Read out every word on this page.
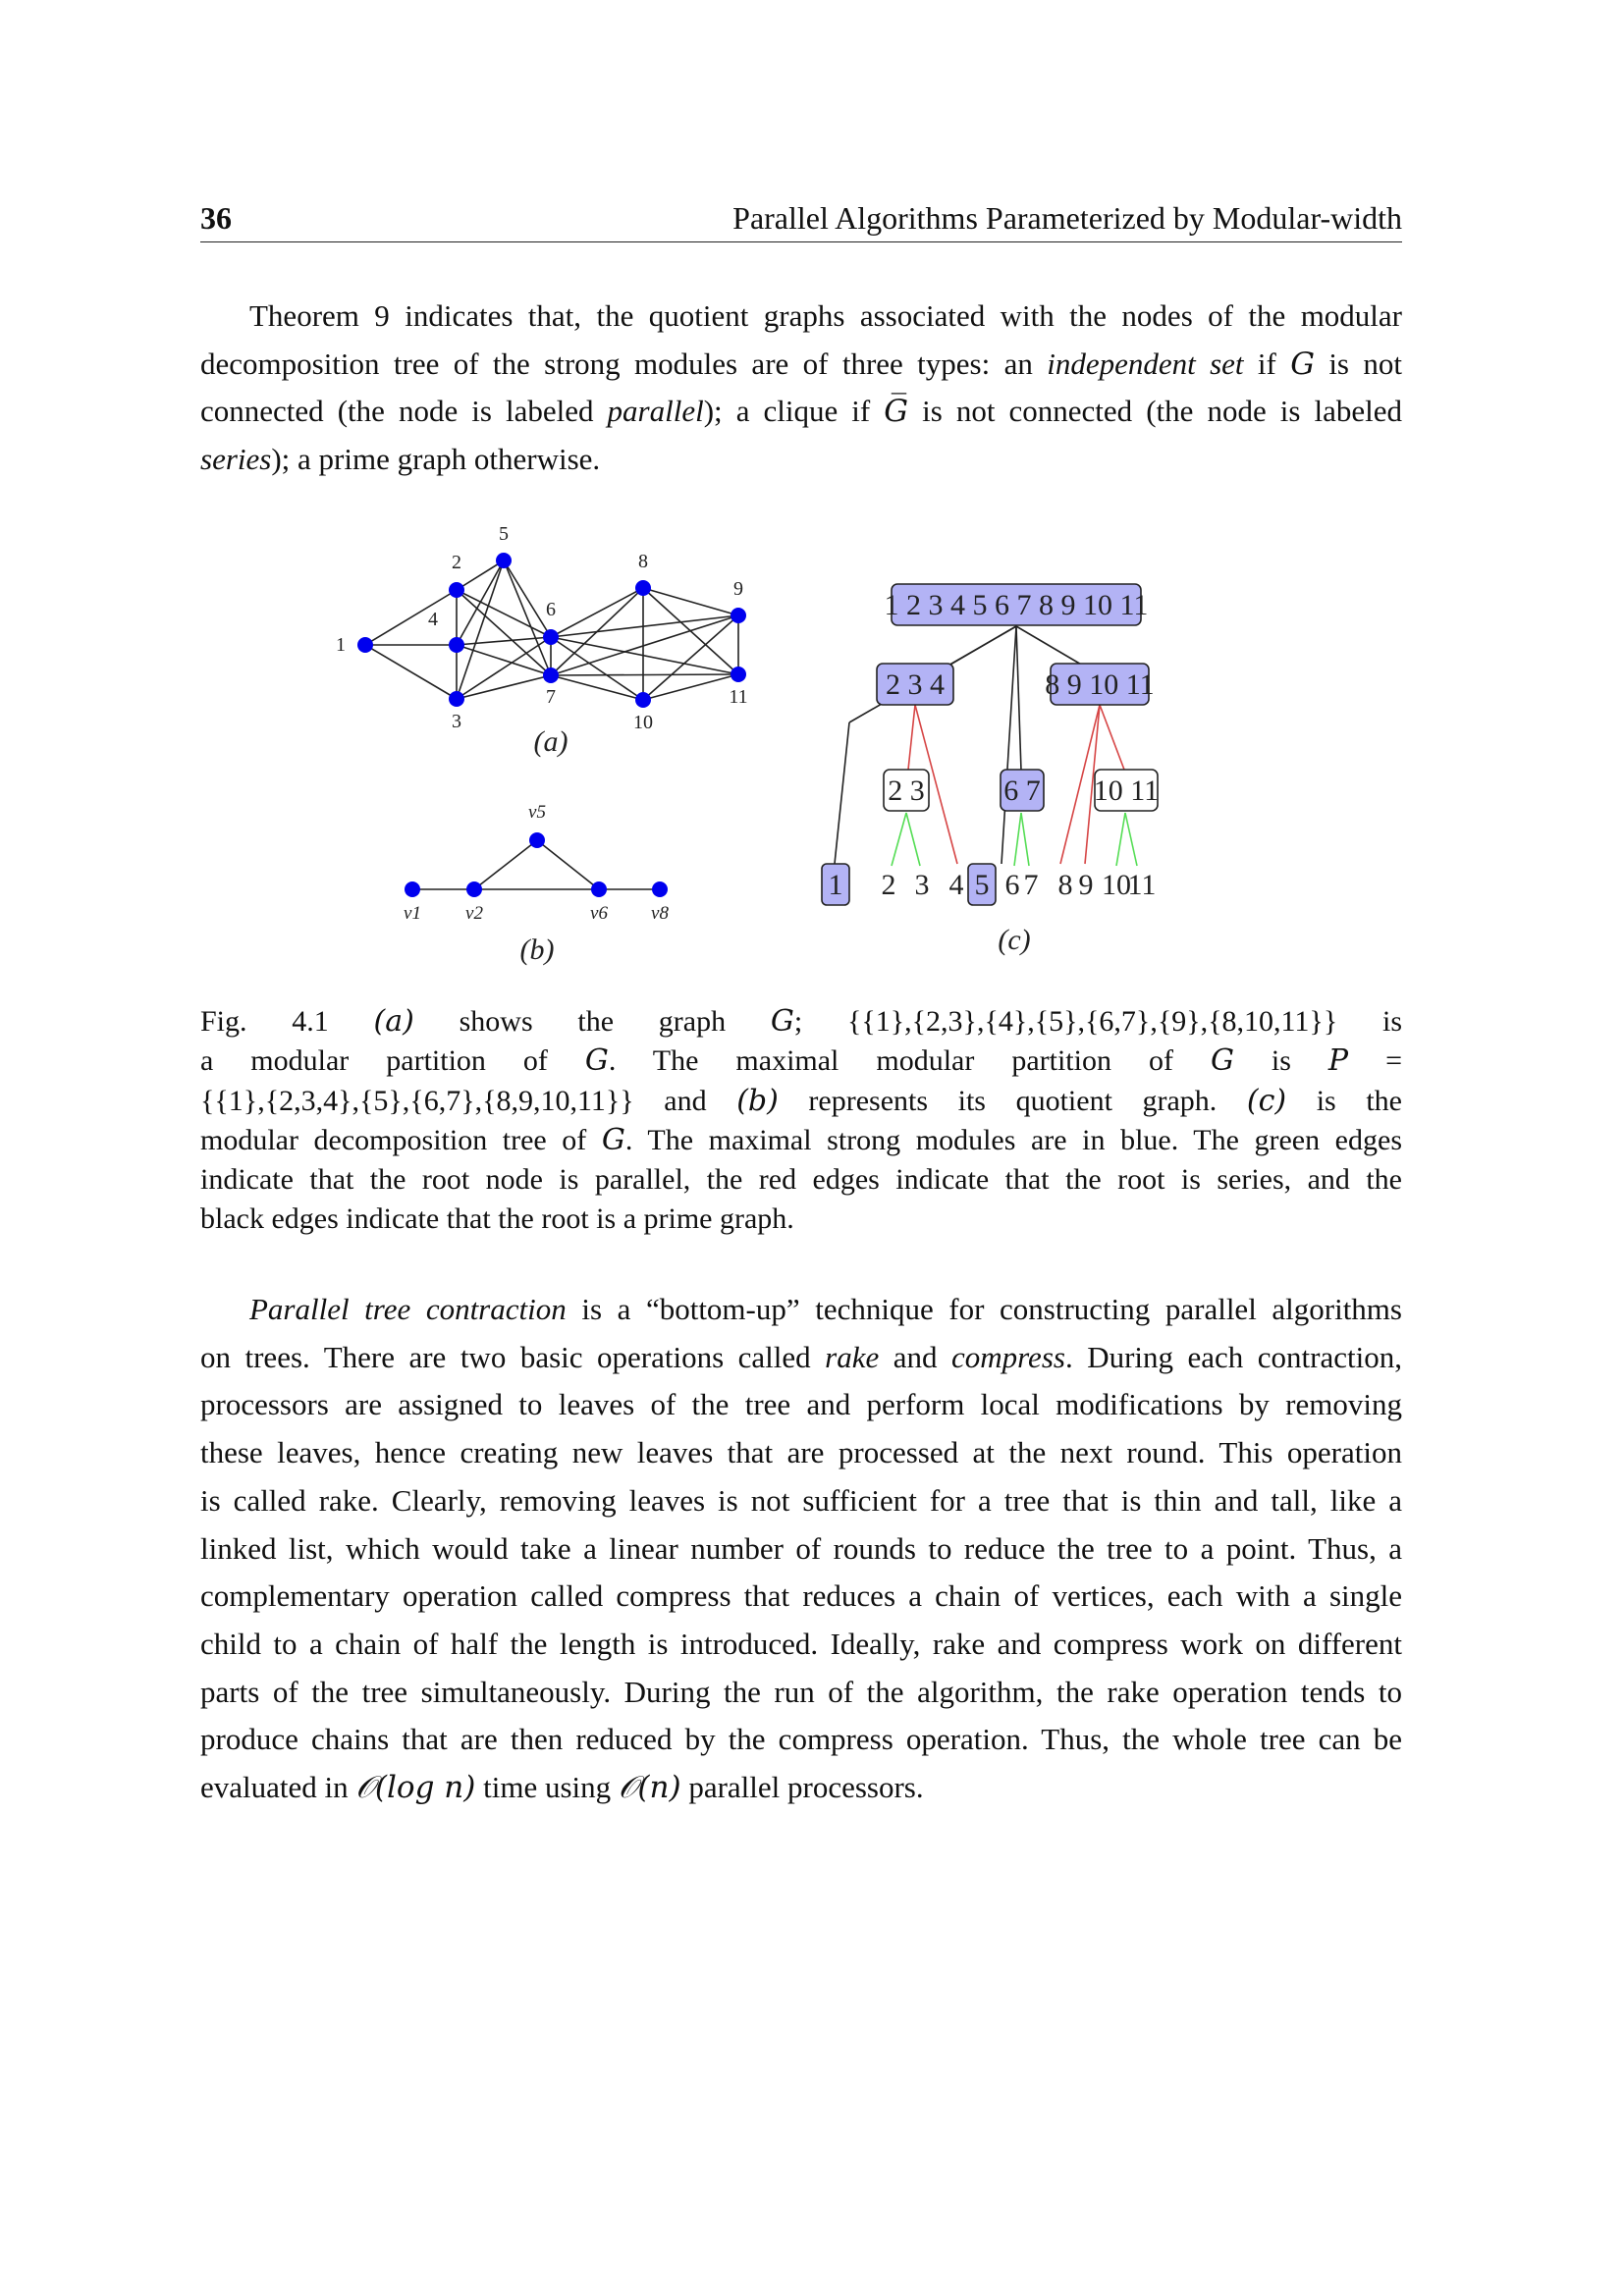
36	Parallel Algorithms Parameterized by Modular-width

Theorem 9 indicates that, the quotient graphs associated with the nodes of the modular
decomposition tree of the strong modules are of three types: an independent set if G is not
connected (the node is labeled parallel); a clique if G̅ is not connected (the node is labeled
series); a prime graph otherwise.

1
2
3
4
5
6
7
8
9
10
11
(a)
v5
v1 v2	v6 v8
(b)
1 2 3 4 5 6 7 8 9 10 11
2 3 4	8 9 10 11
2 3	6 7 10 11
1	5
2 3 4 6 7 8 9 10
11
(c)

Fig. 4.1 (a) shows the graph G; {{1},{2,3},{4},{5},{6,7},{9},{8,10,11}} is
a modular partition of G. The maximal modular partition of G is P =
{{1},{2,3,4},{5},{6,7},{8,9,10,11}} and (b) represents its quotient graph. (c) is the
modular decomposition tree of G. The maximal strong modules are in blue. The green edges
indicate that the root node is parallel, the red edges indicate that the root is series, and the
black edges indicate that the root is a prime graph.

Parallel tree contraction is a “bottom-up” technique for constructing parallel algorithms
on trees. There are two basic operations called rake and compress. During each contraction,
processors are assigned to leaves of the tree and perform local modifications by removing
these leaves, hence creating new leaves that are processed at the next round. This operation
is called rake. Clearly, removing leaves is not sufficient for a tree that is thin and tall, like a
linked list, which would take a linear number of rounds to reduce the tree to a point. Thus, a
complementary operation called compress that reduces a chain of vertices, each with a single
child to a chain of half the length is introduced. Ideally, rake and compress work on different
parts of the tree simultaneously. During the run of the algorithm, the rake operation tends to
produce chains that are then reduced by the compress operation. Thus, the whole tree can be
evaluated in 𝒪(log n) time using 𝒪(n) parallel processors.
